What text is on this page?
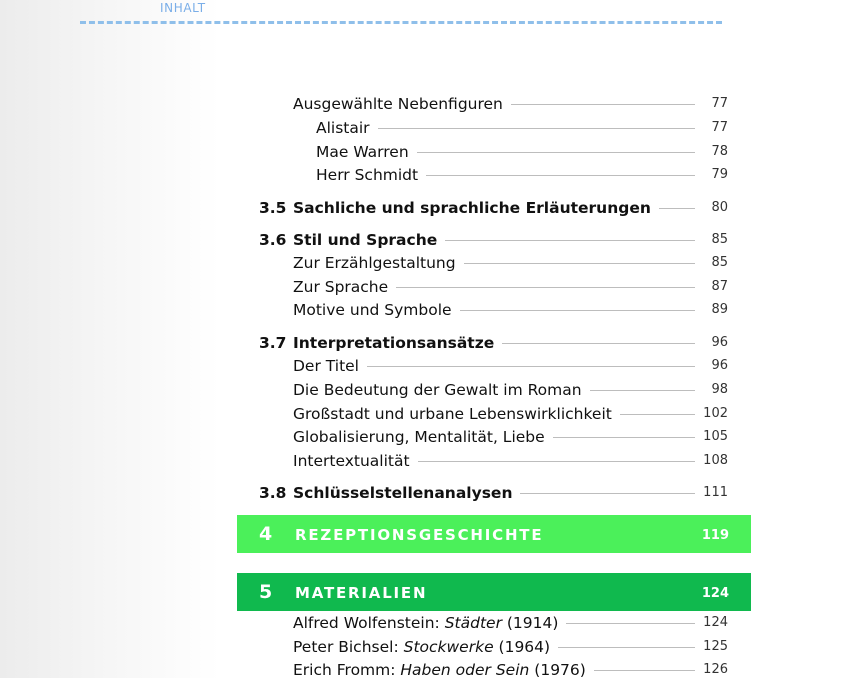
INHALT
Ausgewählte Nebenfiguren	77
Alistair	77
Mae Warren	78
Herr Schmidt	79
3.5 Sachliche und sprachliche Erläuterungen	80
3.6 Stil und Sprache	85
Zur Erzählgestaltung	85
Zur Sprache	87
Motive und Symbole	89
3.7 Interpretationsansätze	96
Der Titel	96
Die Bedeutung der Gewalt im Roman	98
Großstadt und urbane Lebenswirklichkeit	102
Globalisierung, Mentalität, Liebe	105
Intertextualität	108
3.8 Schlüsselstellenanalysen	111
4 REZEPTIONSGESCHICHTE	119
5 MATERIALIEN	124
Alfred Wolfenstein: Städter (1914)	124
Peter Bichsel: Stockwerke (1964)	125
Erich Fromm: Haben oder Sein (1976)	126
